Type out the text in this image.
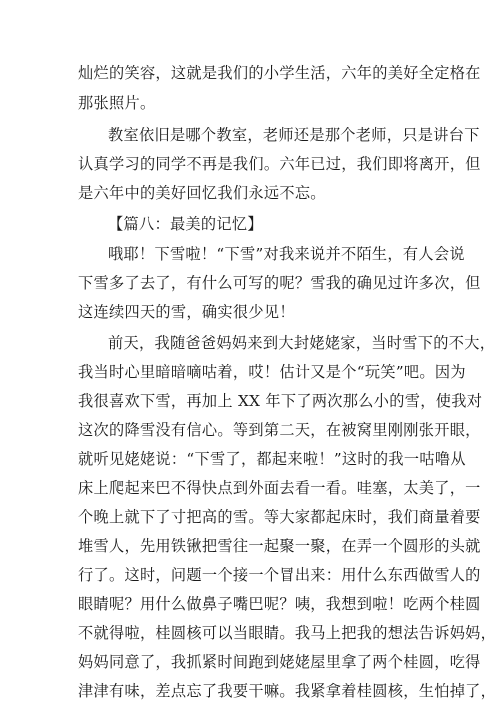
灿烂的笑容，这就是我们的小学生活，六年的美好全定格在
那张照片。
教室依旧是哪个教室，老师还是那个老师，只是讲台下
认真学习的同学不再是我们。六年已过，我们即将离开，但
是六年中的美好回忆我们永远不忘。
【篇八：最美的记忆】
哦耶！下雪啦！“下雪”对我来说并不陌生，有人会说
下雪多了去了，有什么可写的呢？雪我的确见过许多次，但
这连续四天的雪，确实很少见！
前天，我随爸爸妈妈来到大封姥姥家，当时雪下的不大，
我当时心里暗暗嘀咕着，哎！估计又是个“玩笑”吧。因为
我很喜欢下雪，再加上 XX 年下了两次那么小的雪，使我对
这次的降雪没有信心。等到第二天，在被窝里刚刚张开眼，
就听见姥姥说：“下雪了，都起来啦！”这时的我一咕噜从
床上爬起来巴不得快点到外面去看一看。哇塞，太美了，一
个晚上就下了寸把高的雪。等大家都起床时，我们商量着要
堆雪人，先用铁锹把雪往一起聚一聚，在弄一个圆形的头就
行了。这时，问题一个接一个冒出来：用什么东西做雪人的
眼睛呢？用什么做鼻子嘴巴呢？咦，我想到啦！吃两个桂圆
不就得啦，桂圆核可以当眼睛。我马上把我的想法告诉妈妈，
妈妈同意了，我抓紧时间跑到姥姥屋里拿了两个桂圆，吃得
津津有味，差点忘了我要干嘛。我紧拿着桂圆核，生怕掉了，
